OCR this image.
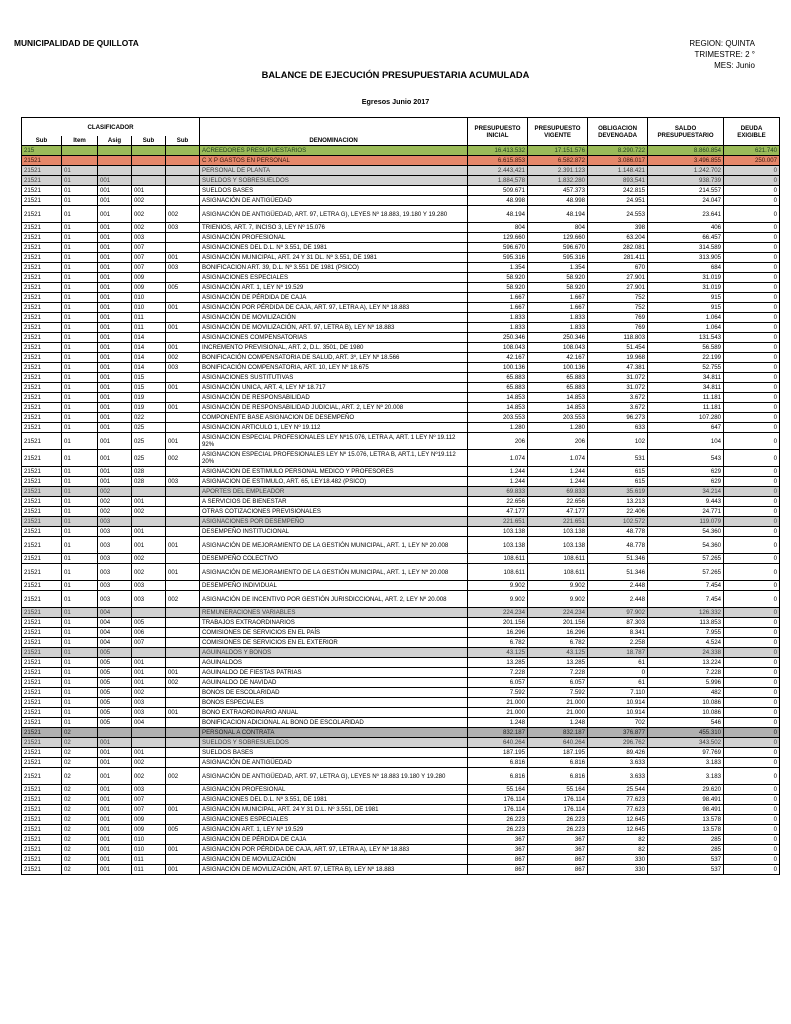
MUNICIPALIDAD DE QUILLOTA	REGION: QUINTA
TRIMESTRE: 2 °
MES: Junio
BALANCE DE EJECUCIÓN PRESUPUESTARIA ACUMULADA
Egresos Junio 2017
CLASIFICADOR						PRESUPUESTO INICIAL	PRESUPUESTO VIGENTE	OBLIGACION DEVENGADA	SALDO PRESUPUESTARIO	DEUDA EXIGIBLE
Sub	Item	Asig	Sub	Sub	DENOMINACION					
215					ACREEDORES PRESUPUESTARIOS	16.413.532	17.151.576	8.290.722	8.860.854	621.740
21521					C X P GASTOS EN PERSONAL	6.615.853	6.582.872	3.086.017	3.496.855	250.007
21521	01				PERSONAL DE PLANTA	2.443,421	2.391.123	1.148.421	1.242.702	0
21521	01	001			SUELDOS Y SOBRESUELDOS	1.884,578	1.832.280	893,541	938.739	0
21521	01	001	001		SUELDOS BASES	509.671	457.373	242.815	214.557	0
21521	01	001	002		ASIGNACIÓN DE ANTIGÜEDAD	48.998	48.998	24.951	24.047	0
21521	01	001	002	002	ASIGNACIÓN DE ANTIGÜEDAD, ART. 97, LETRA G), LEYES Nº 18.883, 19.180 Y 19.280	48.194	48.194	24.553	23.641	0
21521	01	001	002	003	TRIENIOS, ART. 7, INCISO 3, LEY Nº 15.076	804	804	398	406	0
21521	01	001	003		ASIGNACIÓN PROFESIONAL	129.660	129.660	63.204	66.457	0
21521	01	001	007		ASIGNACIONES DEL D.L. Nº 3.551, DE 1981	596.670	596.670	282.081	314.589	0
21521	01	001	007	001	ASIGNACIÓN MUNICIPAL, ART. 24 Y 31 DL. Nº 3.551, DE 1981	595.316	595.316	281.411	313.905	0
21521	01	001	007	003	BONIFICACION ART. 39, D.L. Nº 3.551 DE 1981 (PSICO)	1.354	1.354	670	684	0
21521	01	001	009		ASIGNACIONES ESPECIALES	58.920	58.920	27.901	31.019	0
21521	01	001	009	005	ASIGNACIÓN ART. 1, LEY Nº 19.529	58.920	58.920	27.901	31.019	0
21521	01	001	010		ASIGNACIÓN DE PÉRDIDA DE CAJA	1.667	1.667	752	915	0
21521	01	001	010	001	ASIGNACIÓN POR PÉRDIDA DE CAJA, ART. 97, LETRA A), LEY Nº 18.883	1.667	1.667	752	915	0
21521	01	001	011		ASIGNACIÓN DE MOVILIZACIÓN	1.833	1.833	769	1.064	0
21521	01	001	011	001	ASIGNACIÓN DE MOVILIZACIÓN, ART. 97, LETRA B), LEY Nº 18.883	1.833	1.833	769	1.064	0
21521	01	001	014		ASIGNACIONES COMPENSATORIAS	250.346	250.346	118.803	131.543	0
21521	01	001	014	001	INCREMENTO PREVISIONAL, ART. 2, D.L. 3501, DE 1980	108.043	108.043	51.454	56.589	0
21521	01	001	014	002	BONIFICACIÓN COMPENSATORIA DE SALUD, ART. 3º, LEY Nº 18.566	42.167	42.167	19.968	22.199	0
21521	01	001	014	003	BONIFICACIÓN COMPENSATORIA, ART. 10, LEY Nº 18.675	100.136	100.136	47.381	52.755	0
21521	01	001	015		ASIGNACIONES SUSTITUTIVAS	65.883	65.883	31.072	34.811	0
21521	01	001	015	001	ASIGNACIÓN UNICA, ART. 4, LEY Nº 18.717	65.883	65.883	31.072	34.811	0
21521	01	001	019		ASIGNACIÓN DE RESPONSABILIDAD	14.853	14.853	3.672	11.181	0
21521	01	001	019	001	ASIGNACIÓN DE RESPONSABILIDAD JUDICIAL, ART. 2, LEY Nº 20.008	14.853	14.853	3.672	11.181	0
21521	01	001	022		COMPONENTE BASE ASIGNACION DE DESEMPEÑO	203.553	203.553	96.273	107.280	0
21521	01	001	025		ASIGNACION ARTICULO 1, LEY Nº 19.112	1.280	1.280	633	647	0
21521	01	001	025	001	ASIGNACION ESPECIAL PROFESIONALES LEY Nº15.076, LETRA A, ART. 1 LEY Nº 19.112 92%	206	206	102	104	0
21521	01	001	025	002	ASIGNACION ESPECIAL PROFESIONALES LEY Nº 15.076, LETRA B, ART.1, LEY Nº19.112 20%	1.074	1.074	531	543	0
21521	01	001	028		ASIGNACION DE ESTIMULO PERSONAL MEDICO Y PROFESORES	1.244	1.244	615	629	0
21521	01	001	028	003	ASIGNACION DE ESTIMULO, ART. 65, LEY18.482 (PSICO)	1.244	1.244	615	629	0
21521	01	002			APORTES DEL EMPLEADOR	69.833	69.833	35.619	34.214	0
21521	01	002	001		A SERVICIOS DE BIENESTAR	22.656	22.656	13.213	9.443	0
21521	01	002	002		OTRAS COTIZACIONES PREVISIONALES	47.177	47.177	22.406	24.771	0
21521	01	003			ASIGNACIONES POR DESEMPEÑO	221.651	221.651	102.572	119.079	0
21521	01	003	001		DESEMPEÑO INSTITUCIONAL	103.138	103.138	48.778	54.360	0
21521	01	003	001	001	ASIGNACIÓN DE MEJORAMIENTO DE LA GESTIÓN MUNICIPAL, ART. 1, LEY Nº 20.008	103.138	103.138	48.778	54.360	0
21521	01	003	002		DESEMPEÑO COLECTIVO	108.611	108.611	51.346	57.265	0
21521	01	003	002	001	ASIGNACIÓN DE MEJORAMIENTO DE LA GESTIÓN MUNICIPAL, ART. 1, LEY Nº 20.008	108.611	108.611	51.346	57.265	0
21521	01	003	003		DESEMPEÑO INDIVIDUAL	9.902	9.902	2.448	7.454	0
21521	01	003	003	002	ASIGNACIÓN DE INCENTIVO POR GESTIÓN JURISDICCIONAL, ART. 2, LEY Nº 20.008	9.902	9.902	2.448	7.454	0
21521	01	004			REMUNERACIONES VARIABLES	224.234	224.234	97.902	126.332	0
21521	01	004	005		TRABAJOS EXTRAORDINARIOS	201.156	201.156	87.303	113.853	0
21521	01	004	006		COMISIONES DE SERVICIOS EN EL PAÍS	16.296	16.296	8.341	7.955	0
21521	01	004	007		COMISIONES DE SERVICIOS EN EL EXTERIOR	6.782	6.782	2.258	4.524	0
21521	01	005			AGUINALDOS Y BONOS	43.125	43.125	18.787	24.338	0
21521	01	005	001		AGUINALDOS	13.285	13.285	61	13.224	0
21521	01	005	001	001	AGUINALDO DE FIESTAS PATRIAS	7.228	7.228	0	7.228	0
21521	01	005	001	002	AGUINALDO DE NAVIDAD	6.057	6.057	61	5.996	0
21521	01	005	002		BONOS DE ESCOLARIDAD	7.592	7.592	7.110	482	0
21521	01	005	003		BONOS ESPECIALES	21.000	21.000	10.914	10.086	0
21521	01	005	003	001	BONO EXTRAORDINARIO ANUAL	21.000	21.000	10.914	10.086	0
21521	01	005	004		BONIFICACION ADICIONAL AL BONO DE ESCOLARIDAD	1.248	1.248	702	546	0
21521	02				PERSONAL A CONTRATA	832.187	832.187	376.877	455.310	0
21521	02	001			SUELDOS Y SOBRESUELDOS	640.264	640.264	296.762	343.502	0
21521	02	001	001		SUELDOS BASES	187.195	187.195	89.426	97.769	0
21521	02	001	002		ASIGNACIÓN DE ANTIGÜEDAD	6.816	6.816	3.633	3.183	0
21521	02	001	002	002	ASIGNACIÓN DE ANTIGÜEDAD, ART. 97, LETRA G), LEYES Nº 18.883 19.180 Y 19.280	6.816	6.816	3.633	3.183	0
21521	02	001	003		ASIGNACIÓN PROFESIONAL	55.164	55.164	25.544	29.620	0
21521	02	001	007		ASIGNACIONES DEL D.L. Nº 3.551, DE 1981	176.114	176.114	77.623	98.491	0
21521	02	001	007	001	ASIGNACIÓN MUNICIPAL, ART. 24 Y 31 D.L. Nº 3.551, DE 1981	176.114	176.114	77.623	98.491	0
21521	02	001	009		ASIGNACIONES ESPECIALES	26.223	26.223	12.645	13.578	0
21521	02	001	009	005	ASIGNACIÓN ART. 1, LEY Nº 19.529	26.223	26.223	12.645	13.578	0
21521	02	001	010		ASIGNACIÓN DE PÉRDIDA DE CAJA	367	367	82	285	0
21521	02	001	010	001	ASIGNACIÓN POR PÉRDIDA DE CAJA, ART. 97, LETRA A), LEY Nº 18.883	367	367	82	285	0
21521	02	001	011		ASIGNACIÓN DE MOVILIZACIÓN	867	867	330	537	0
21521	02	001	011	001	ASIGNACIÓN DE MOVILIZACIÓN, ART. 97, LETRA B), LEY Nº 18.883	867	867	330	537	0
